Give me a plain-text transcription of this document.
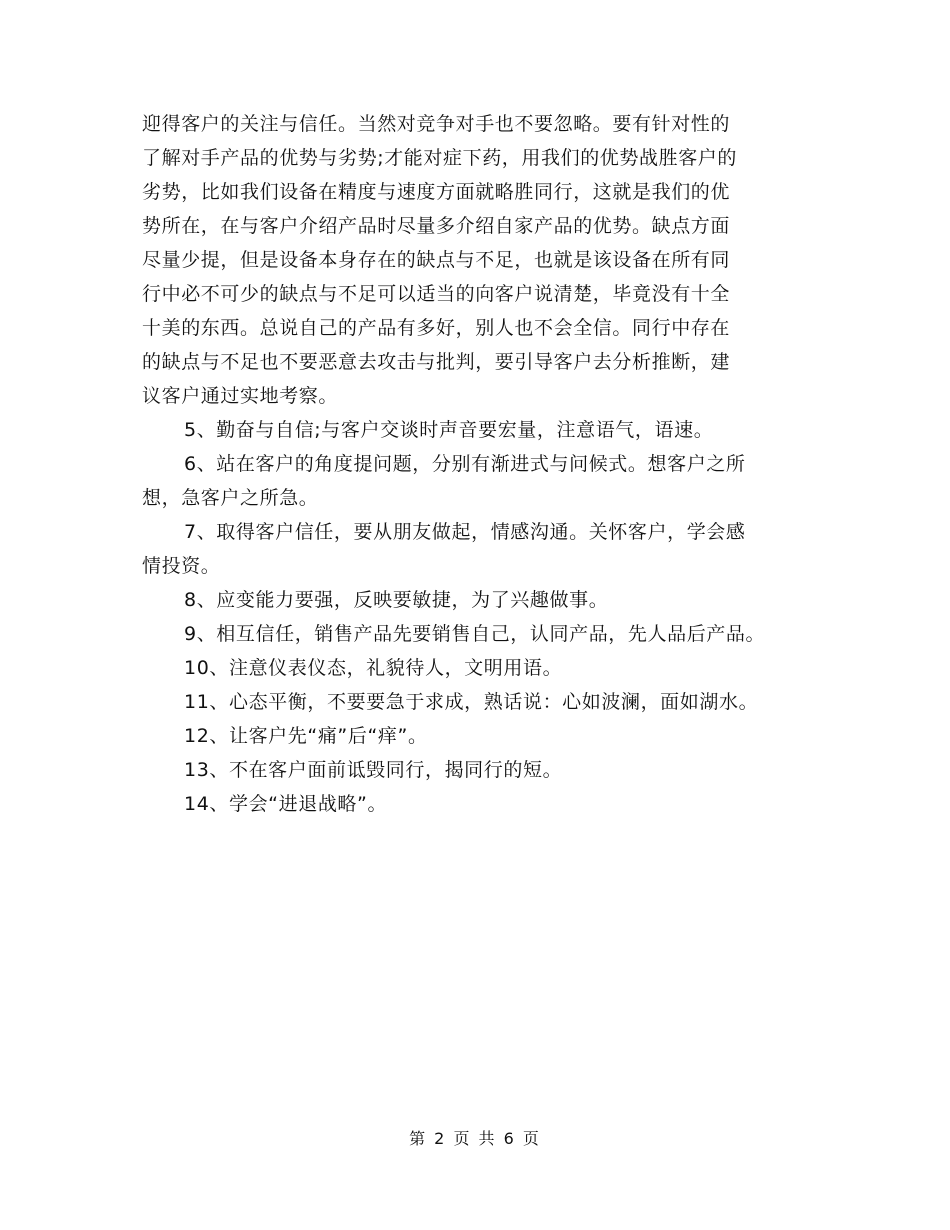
迎得客户的关注与信任。当然对竞争对手也不要忽略。要有针对性的
了解对手产品的优势与劣势;才能对症下药，用我们的优势战胜客户的
劣势，比如我们设备在精度与速度方面就略胜同行，这就是我们的优
势所在，在与客户介绍产品时尽量多介绍自家产品的优势。缺点方面
尽量少提，但是设备本身存在的缺点与不足，也就是该设备在所有同
行中必不可少的缺点与不足可以适当的向客户说清楚，毕竟没有十全
十美的东西。总说自己的产品有多好，别人也不会全信。同行中存在
的缺点与不足也不要恶意去攻击与批判，要引导客户去分析推断，建
议客户通过实地考察。
5、勤奋与自信;与客户交谈时声音要宏量，注意语气，语速。
6、站在客户的角度提问题，分别有渐进式与问候式。想客户之所
想，急客户之所急。
7、取得客户信任，要从朋友做起，情感沟通。关怀客户，学会感
情投资。
8、应变能力要强，反映要敏捷，为了兴趣做事。
9、相互信任，销售产品先要销售自己，认同产品，先人品后产品。
10、注意仪表仪态，礼貌待人，文明用语。
11、心态平衡，不要要急于求成，熟话说：心如波澜，面如湖水。
12、让客户先“痛”后“痒”。
13、不在客户面前诋毁同行，揭同行的短。
14、学会“进退战略”。
第 2 页 共 6 页
